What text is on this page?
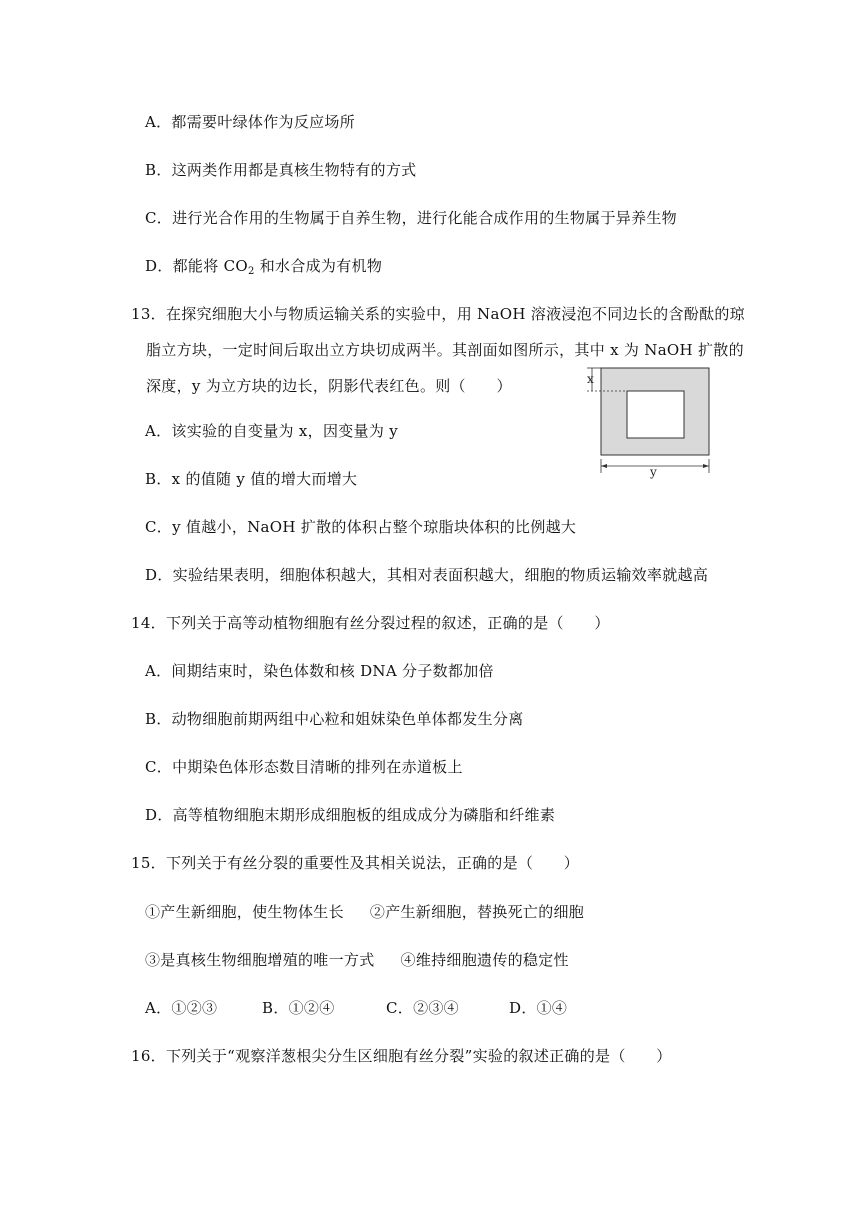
A．都需要叶绿体作为反应场所
B．这两类作用都是真核生物特有的方式
C．进行光合作用的生物属于自养生物，进行化能合成作用的生物属于异养生物
D．都能将 $CO_2$ 和水合成为有机物
13．在探究细胞大小与物质运输关系的实验中，用 NaOH 溶液浸泡不同边长的含酚酞的琼
脂立方块，一定时间后取出立方块切成两半。其剖面如图所示，其中 x 为 NaOH 扩散的
深度，y 为立方块的边长，阴影代表红色。则（　　）
A．该实验的自变量为 x，因变量为 y
B．x 的值随 y 值的增大而增大
C．y 值越小，NaOH 扩散的体积占整个琼脂块体积的比例越大
D．实验结果表明，细胞体积越大，其相对表面积越大，细胞的物质运输效率就越高
x
y
14．下列关于高等动植物细胞有丝分裂过程的叙述，正确的是（　　）
A．间期结束时，染色体数和核 DNA 分子数都加倍
B．动物细胞前期两组中心粒和姐妹染色单体都发生分离
C．中期染色体形态数目清晰的排列在赤道板上
D．高等植物细胞末期形成细胞板的组成成分为磷脂和纤维素
15．下列关于有丝分裂的重要性及其相关说法，正确的是（　　）
①产生新细胞，使生物体生长 ②产生新细胞，替换死亡的细胞
③是真核生物细胞增殖的唯一方式 ④维持细胞遗传的稳定性
A．①②③	B．①②④	C．②③④	D．①④
16．下列关于“观察洋葱根尖分生区细胞有丝分裂”实验的叙述正确的是（　　）
